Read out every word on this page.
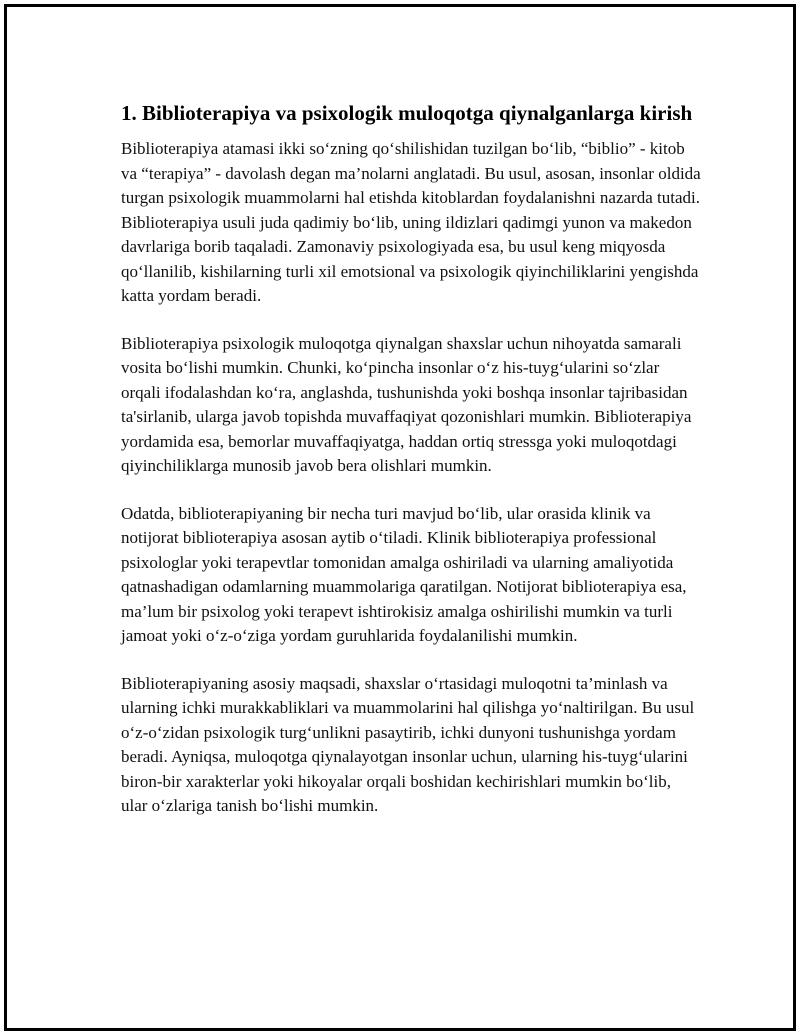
1. Biblioterapiya va psixologik muloqotga qiynalganlarga kirish

Biblioterapiya atamasi ikki so‘zning qo‘shilishidan tuzilgan bo‘lib, “biblio” - kitob va “terapiya” - davolash degan ma’nolarni anglatadi. Bu usul, asosan, insonlar oldida turgan psixologik muammolarni hal etishda kitoblardan foydalanishni nazarda tutadi. Biblioterapiya usuli juda qadimiy bo‘lib, uning ildizlari qadimgi yunon va makedon davrlariga borib taqaladi. Zamonaviy psixologiyada esa, bu usul keng miqyosda qo‘llanilib, kishilarning turli xil emotsional va psixologik qiyinchiliklarini yengishda katta yordam beradi.

Biblioterapiya psixologik muloqotga qiynalgan shaxslar uchun nihoyatda samarali vosita bo‘lishi mumkin. Chunki, ko‘pincha insonlar o‘z his-tuyg‘ularini so‘zlar orqali ifodalashdan ko‘ra, anglashda, tushunishda yoki boshqa insonlar tajribasidan ta'sirlanib, ularga javob topishda muvaffaqiyat qozonishlari mumkin. Biblioterapiya yordamida esa, bemorlar muvaffaqiyatga, haddan ortiq stressga yoki muloqotdagi qiyinchiliklarga munosib javob bera olishlari mumkin.

Odatda, biblioterapiyaning bir necha turi mavjud bo‘lib, ular orasida klinik va notijorat biblioterapiya asosan aytib o‘tiladi. Klinik biblioterapiya professional psixologlar yoki terapevtlar tomonidan amalga oshiriladi va ularning amaliyotida qatnashadigan odamlarning muammolariga qaratilgan. Notijorat biblioterapiya esa, ma’lum bir psixolog yoki terapevt ishtirokisiz amalga oshirilishi mumkin va turli jamoat yoki o‘z-o‘ziga yordam guruhlarida foydalanilishi mumkin.

Biblioterapiyaning asosiy maqsadi, shaxslar o‘rtasidagi muloqotni ta’minlash va ularning ichki murakkabliklari va muammolarini hal qilishga yo‘naltirilgan. Bu usul o‘z-o‘zidan psixologik turg‘unlikni pasaytirib, ichki dunyoni tushunishga yordam beradi. Ayniqsa, muloqotga qiynalayotgan insonlar uchun, ularning his-tuyg‘ularini biron-bir xarakterlar yoki hikoyalar orqali boshidan kechirishlari mumkin bo‘lib, ular o‘zlariga tanish bo‘lishi mumkin.
